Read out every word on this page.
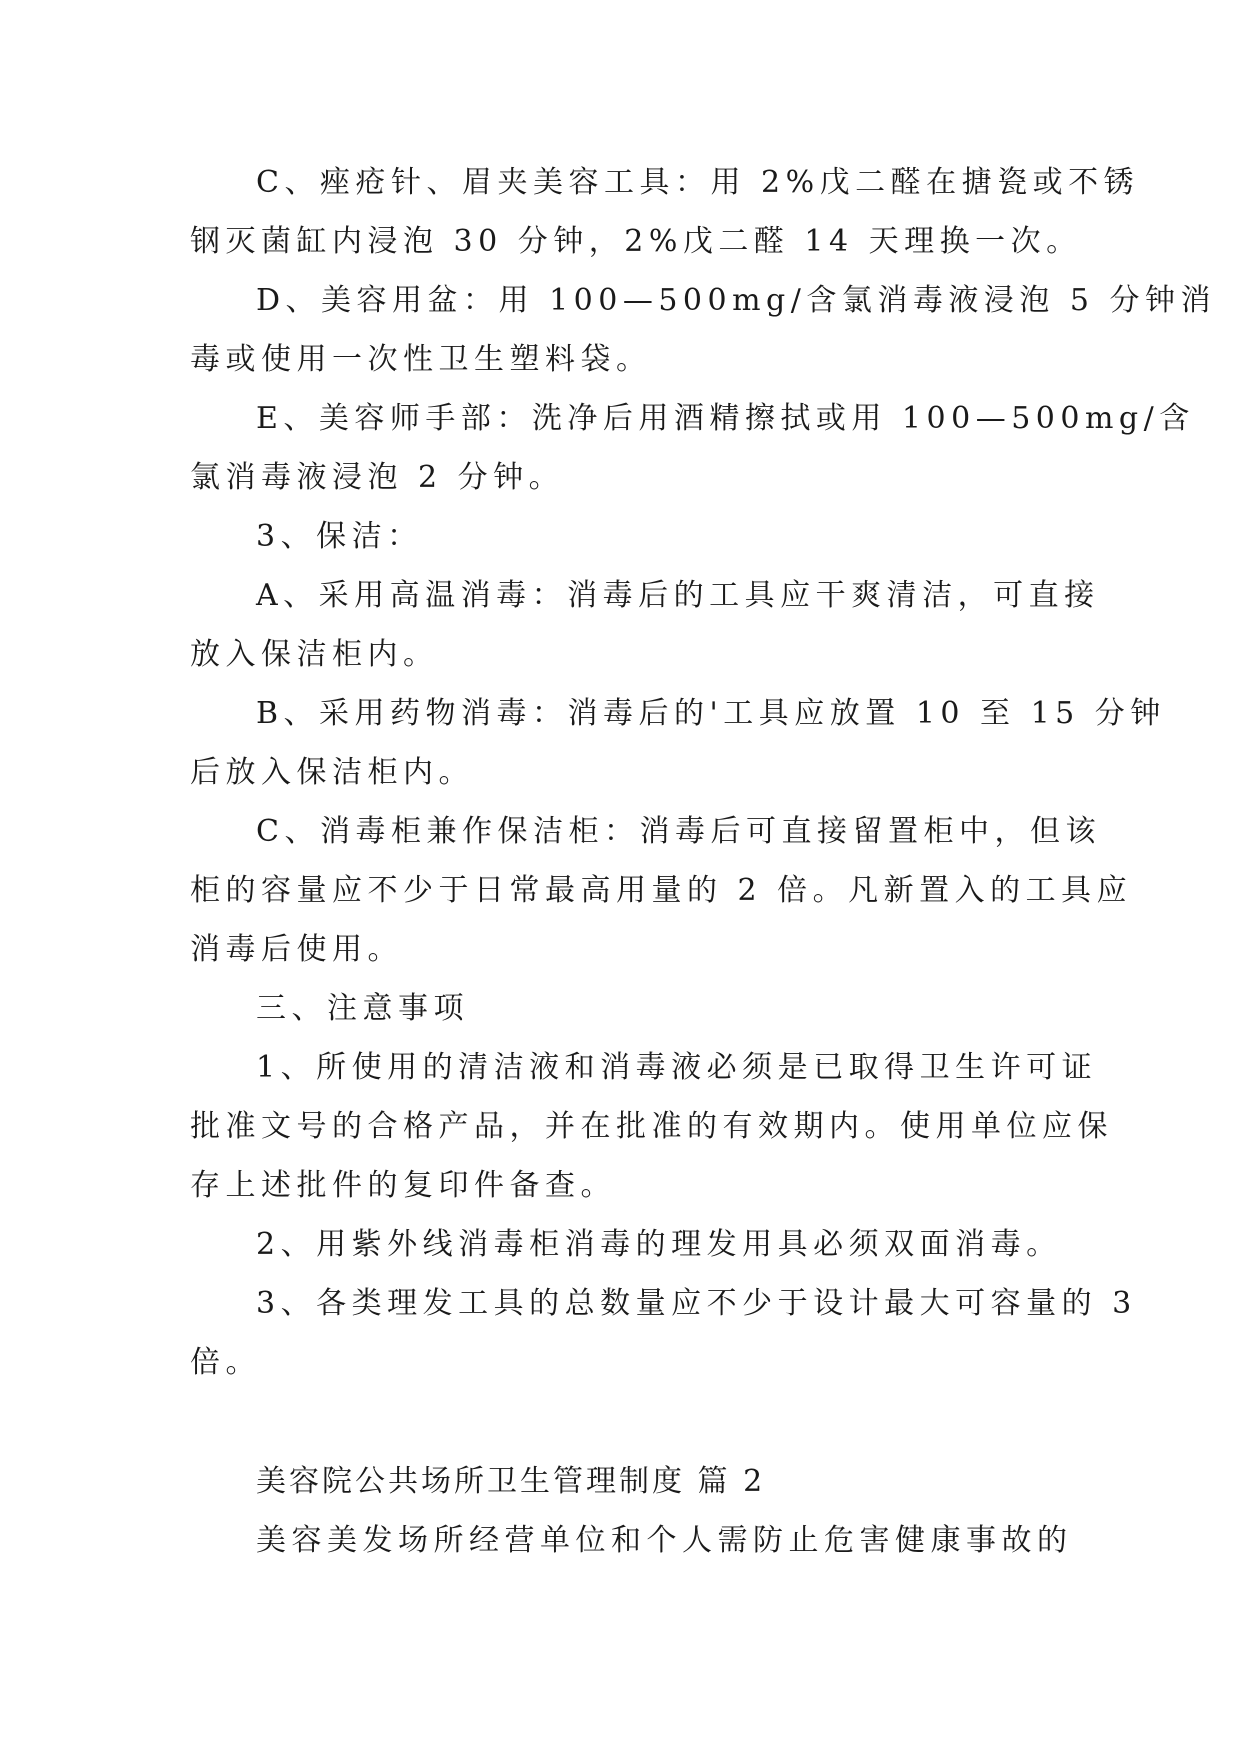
C、痤疮针、眉夹美容工具：用 2%戊二醛在搪瓷或不锈
钢灭菌缸内浸泡 30 分钟，2%戊二醛 14 天理换一次。
D、美容用盆：用 100—500mg/含氯消毒液浸泡 5 分钟消
毒或使用一次性卫生塑料袋。
E、美容师手部：洗净后用酒精擦拭或用 100—500mg/含
氯消毒液浸泡 2 分钟。
3、保洁：
A、采用高温消毒：消毒后的工具应干爽清洁，可直接
放入保洁柜内。
B、采用药物消毒：消毒后的'工具应放置 10 至 15 分钟
后放入保洁柜内。
C、消毒柜兼作保洁柜：消毒后可直接留置柜中，但该
柜的容量应不少于日常最高用量的 2 倍。凡新置入的工具应
消毒后使用。
三、注意事项
1、所使用的清洁液和消毒液必须是已取得卫生许可证
批准文号的合格产品，并在批准的有效期内。使用单位应保
存上述批件的复印件备查。
2、用紫外线消毒柜消毒的理发用具必须双面消毒。
3、各类理发工具的总数量应不少于设计最大可容量的 3
倍。
美容院公共场所卫生管理制度 篇 2
美容美发场所经营单位和个人需防止危害健康事故的
